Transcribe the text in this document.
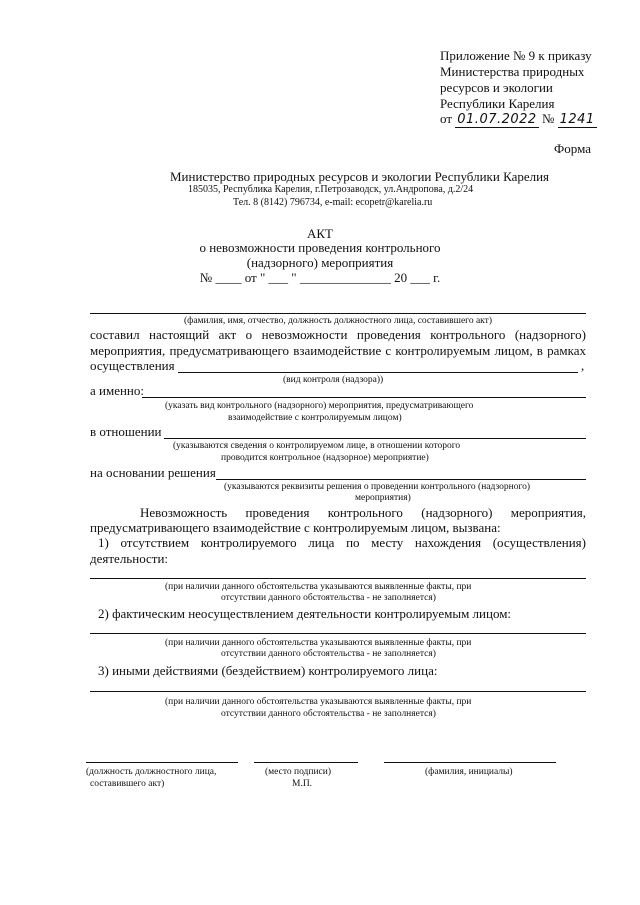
Приложение № 9 к приказу
Министерства природных
ресурсов и экологии
Республики Карелия
от 01.07.2022 № 1241
Форма
Министерство природных ресурсов и экологии Республики Карелия
185035, Республика Карелия, г.Петрозаводск, ул.Андропова, д.2/24
Тел. 8 (8142) 796734, e-mail: ecopetr@karelia.ru
АКТ
о невозможности проведения контрольного
(надзорного) мероприятия
№ ____ от " ___ " ______________ 20 ___ г.
(фамилия, имя, отчество, должность должностного лица, составившего акт)
составил настоящий акт о невозможности проведения контрольного (надзорного)
мероприятия, предусматривающего взаимодействие с контролируемым лицом, в рамках
осуществления	,
(вид контроля (надзора))
а именно:
(указать вид контрольного (надзорного) мероприятия, предусматривающего
взаимодействие с контролируемым лицом)
в отношении
(указываются сведения о контролируемом лице, в отношении которого
проводится контрольное (надзорное) мероприятие)
на основании решения
(указываются реквизиты решения о проведении контрольного (надзорного)
мероприятия)
Невозможность проведения контрольного (надзорного) мероприятия,
предусматривающего взаимодействие с контролируемым лицом, вызвана:
1) отсутствием контролируемого лица по месту нахождения (осуществления)
деятельности:
(при наличии данного обстоятельства указываются выявленные факты, при
отсутствии данного обстоятельства - не заполняется)
2) фактическим неосуществлением деятельности контролируемым лицом:
(при наличии данного обстоятельства указываются выявленные факты, при
отсутствии данного обстоятельства - не заполняется)
3) иными действиями (бездействием) контролируемого лица:
(при наличии данного обстоятельства указываются выявленные факты, при
отсутствии данного обстоятельства - не заполняется)
(должность должностного лица,
составившего акт)
(место подписи)
М.П.
(фамилия, инициалы)
